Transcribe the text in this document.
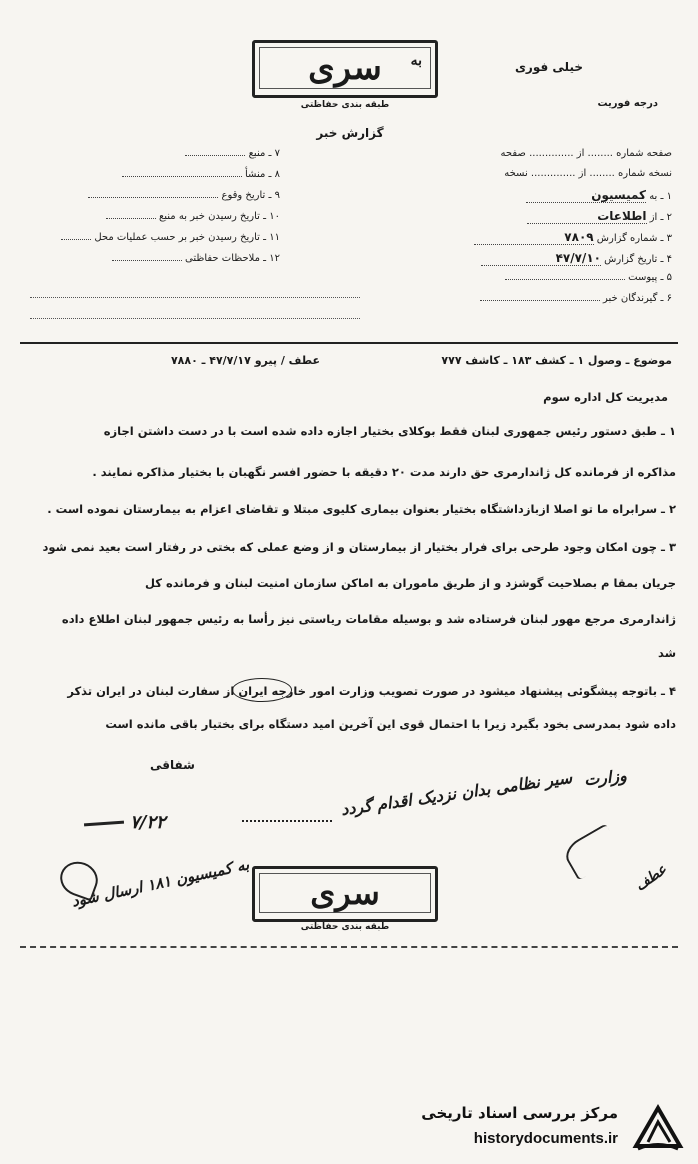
به
سری
طبقه بندی حفاظتی
خیلی فوری
درجه فوریت
گزارش خبر
صفحه شماره ........ از .............. صفحه
نسخه شماره ........ از .............. نسخه
۱ ـ به کمیسیون
۲ ـ از اطلاعات
۳ ـ شماره گزارش ۷۸۰۹
۴ ـ تاریخ گزارش ۴۷/۷/۱۰
۵ ـ پیوست
۶ ـ گیرندگان خبر
۷ ـ منبع
۸ ـ منشأ
۹ ـ تاریخ وقوع
۱۰ ـ تاریخ رسیدن خبر به منبع
۱۱ ـ تاریخ رسیدن خبر بر حسب عملیات محل
۱۲ ـ ملاحظات حفاظتی
موضوع ـ وصول ۱ ـ کشف ۱۸۳ ـ کاشف ۷۷۷
عطف / پیرو ۴۷/۷/۱۷ ـ ۷۸۸۰
مدیریت کل اداره سوم
۱ ـ طبق دستور رئیس جمهوری لبنان فقط بوکلای بختیار اجازه داده شده است با در دست داشتن اجازه
مذاکره از فرمانده کل ژاندارمری حق دارند مدت ۲۰ دقیقه با حضور افسر نگهبان با بختیار مذاکره نمایند .
۲ ـ سرابراه ما تو اصلا ازبازداشتگاه بختیار بعنوان بیماری کلیوی مبتلا و تقاضای اعزام به بیمارستان نموده است .
۳ ـ چون امکان وجود طرحی برای فرار بختیار از بیمارستان و از وضع عملی که بختی در رفتار است بعید نمی شود
جریان بمقا م بصلاحیت گوشزد و از طریق ماموران به اماکن سازمان امنیت لبنان و فرمانده کل
ژاندارمری مرجع مهور لبنان فرستاده شد و بوسیله مقامات ریاستی نیز رأسا به رئیس جمهور لبنان اطلاع داده
شد
۴ ـ باتوجه پیشگوئی پیشنهاد میشود در صورت تصویب وزارت امور خارجه ایران از سفارت لبنان در ایران تذکر
داده شود بمدرسی بخود بگیرد زیرا با احتمال قوی این آخرین امید دستگاه برای بختیار باقی مانده است
شفاقی
سیر نظامی بدان نزدیک اقدام گردد وزارت
۷/۲۲
به کمیسیون ۱۸۱ ارسال شود	عطف
سری
طبقه بندی حفاظتی
مرکز بررسی اسناد تاریخی
historydocuments.ir
